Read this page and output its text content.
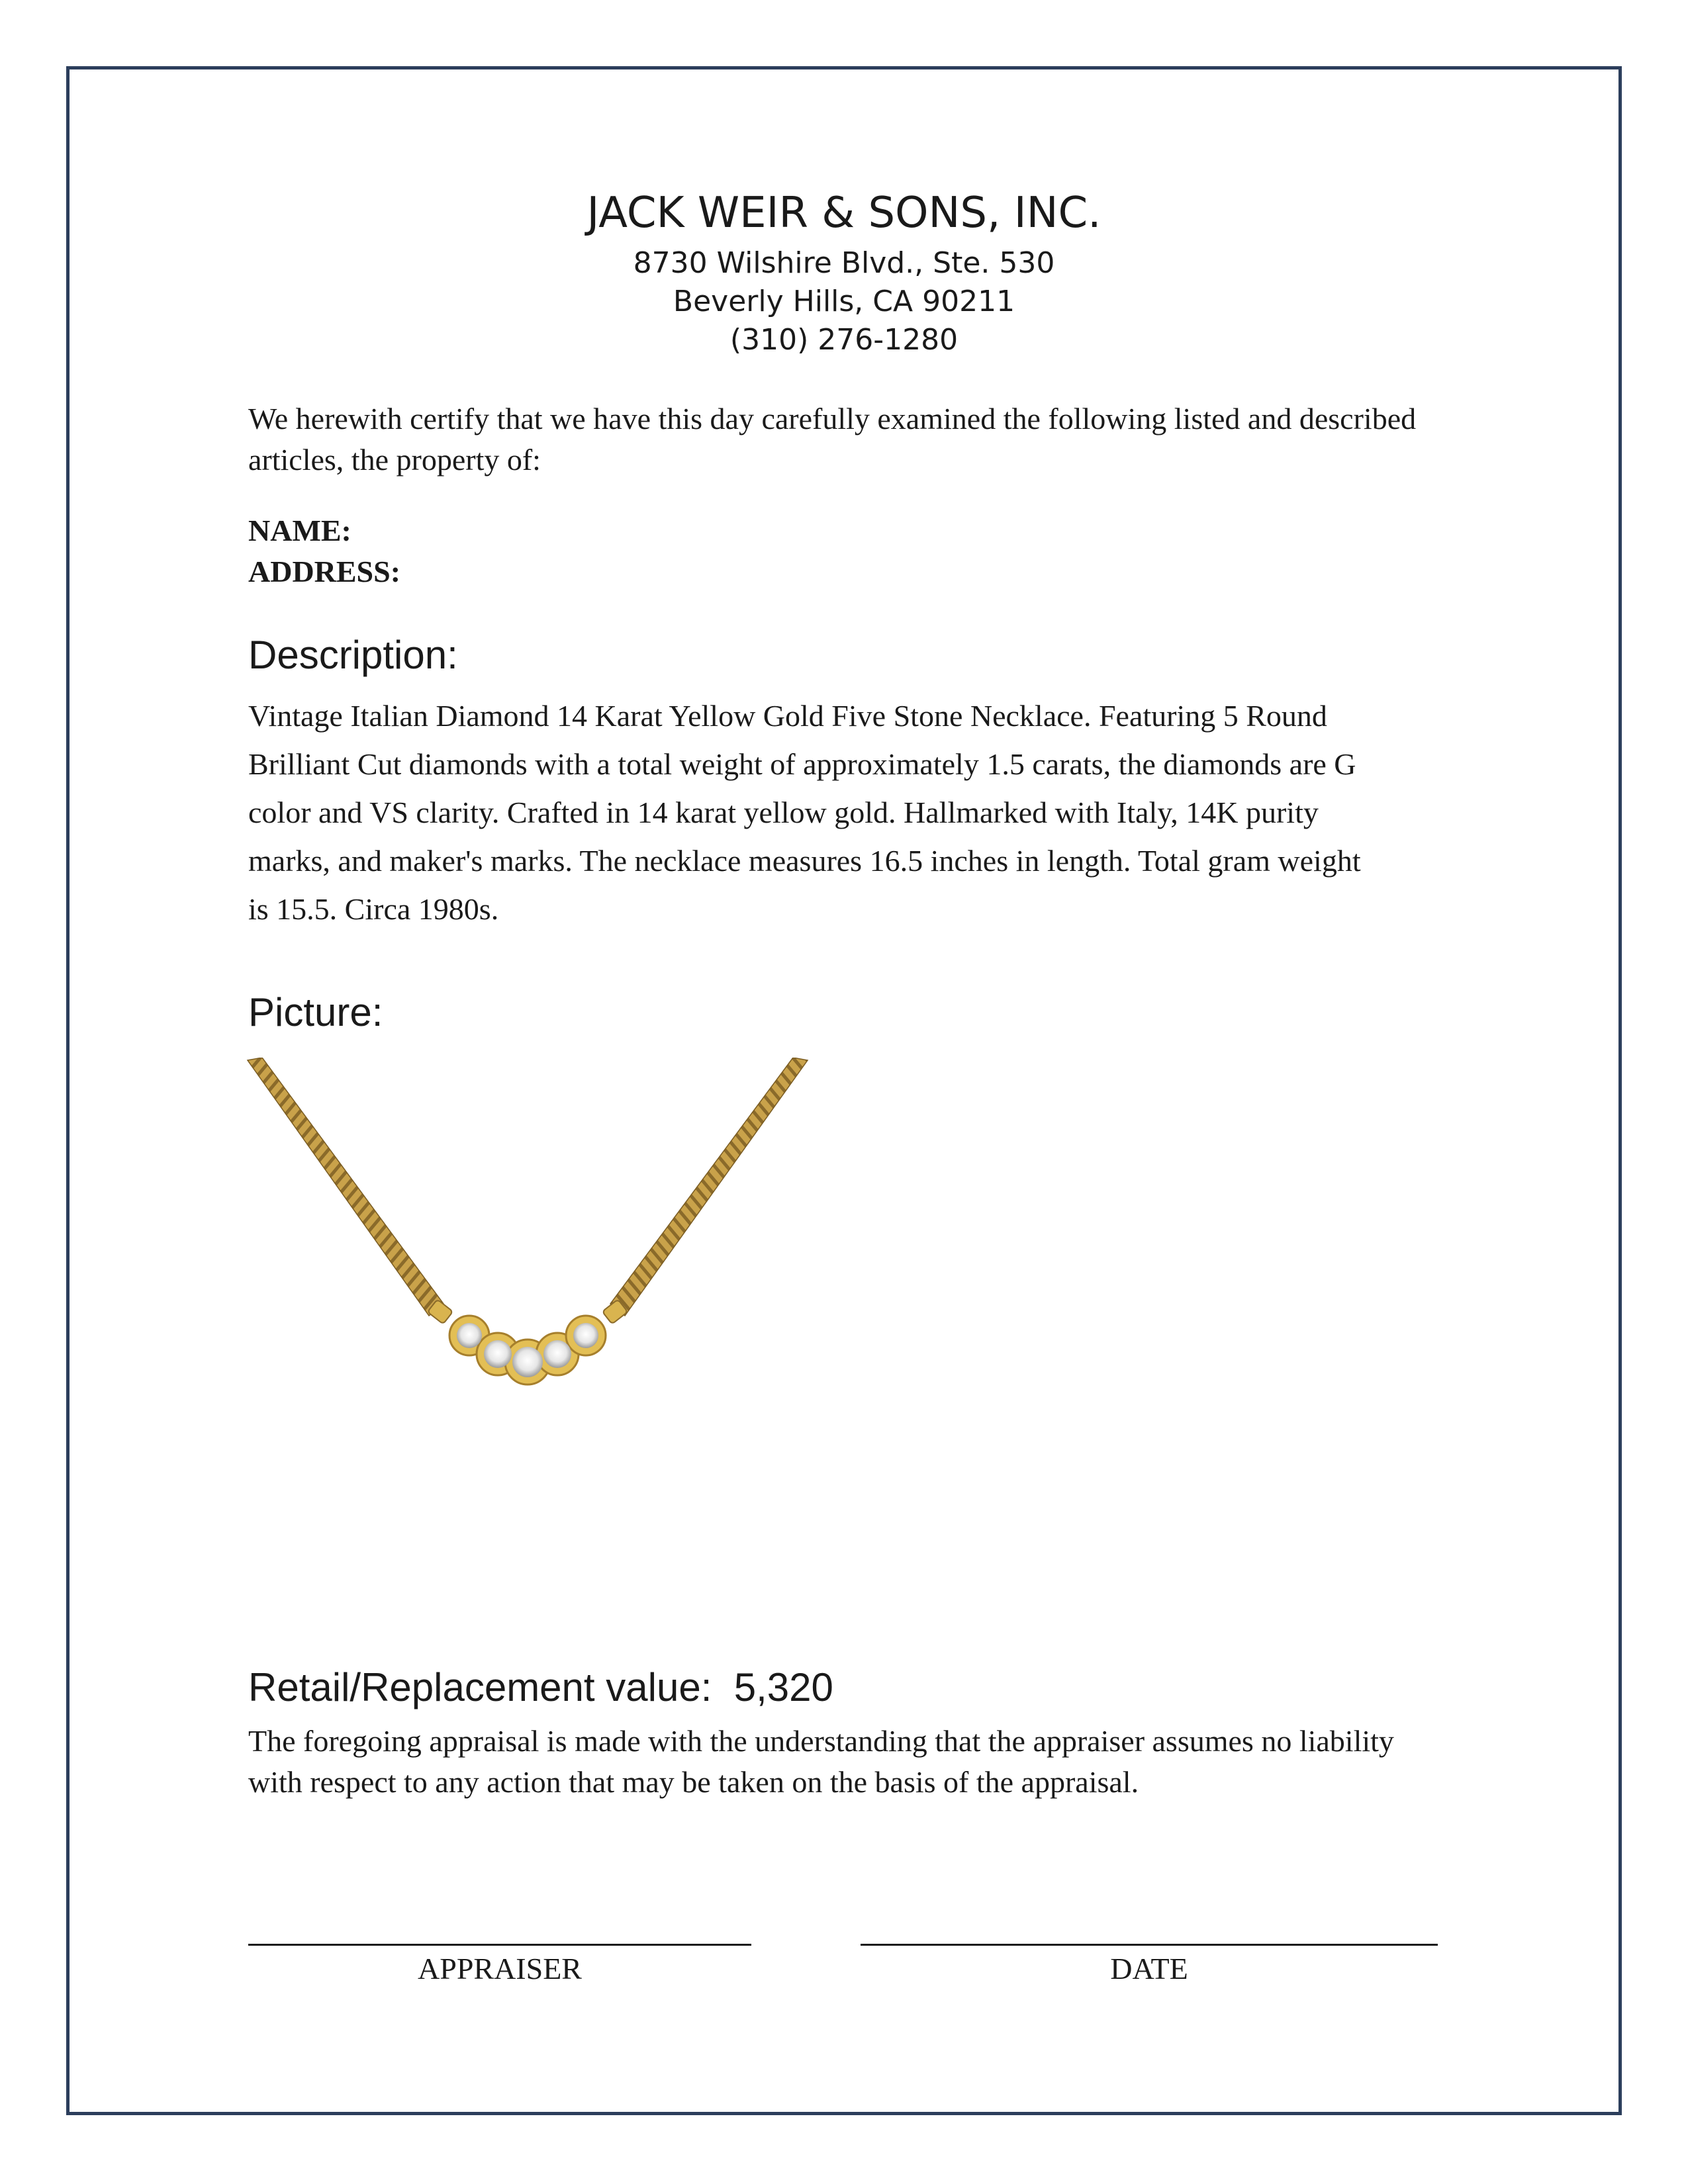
JACK WEIR & SONS, INC.
8730 Wilshire Blvd., Ste. 530
Beverly Hills, CA 90211
(310) 276-1280
We herewith certify that we have this day carefully examined the following listed and described articles, the property of:
NAME:
ADDRESS:
Description:
Vintage Italian Diamond 14 Karat Yellow Gold Five Stone Necklace. Featuring 5 Round Brilliant Cut diamonds with a total weight of approximately 1.5 carats, the diamonds are G color and VS clarity. Crafted in 14 karat yellow gold. Hallmarked with Italy, 14K purity marks, and maker's marks. The necklace measures 16.5 inches in length. Total gram weight is 15.5. Circa 1980s.
Picture:
Retail/Replacement value: 5,320
The foregoing appraisal is made with the understanding that the appraiser assumes no liability with respect to any action that may be taken on the basis of the appraisal.
APPRAISER	DATE
